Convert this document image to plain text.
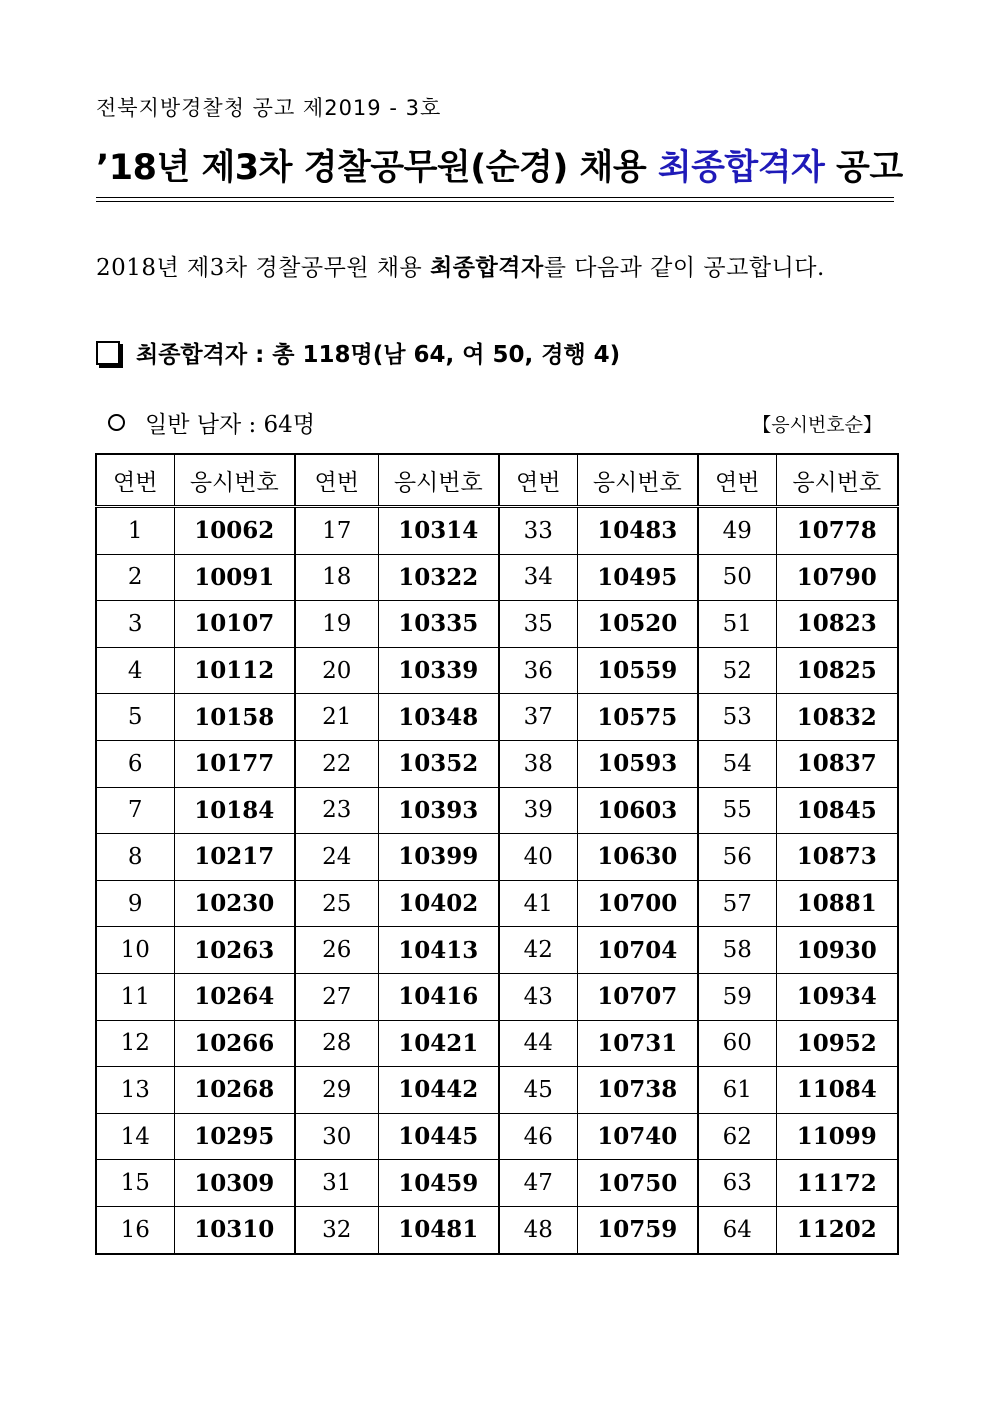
전북지방경찰청 공고 제2019 - 3호
’18년 제3차 경찰공무원(순경) 채용 최종합격자 공고
2018년 제3차 경찰공무원 채용 최종합격자를 다음과 같이 공고합니다.
최종합격자 : 총 118명(남 64, 여 50, 경행 4)
일반 남자 : 64명	【응시번호순】
연번	응시번호	연번	응시번호	연번	응시번호	연번	응시번호
1	10062	17	10314	33	10483	49	10778
2	10091	18	10322	34	10495	50	10790
3	10107	19	10335	35	10520	51	10823
4	10112	20	10339	36	10559	52	10825
5	10158	21	10348	37	10575	53	10832
6	10177	22	10352	38	10593	54	10837
7	10184	23	10393	39	10603	55	10845
8	10217	24	10399	40	10630	56	10873
9	10230	25	10402	41	10700	57	10881
10	10263	26	10413	42	10704	58	10930
11	10264	27	10416	43	10707	59	10934
12	10266	28	10421	44	10731	60	10952
13	10268	29	10442	45	10738	61	11084
14	10295	30	10445	46	10740	62	11099
15	10309	31	10459	47	10750	63	11172
16	10310	32	10481	48	10759	64	11202
